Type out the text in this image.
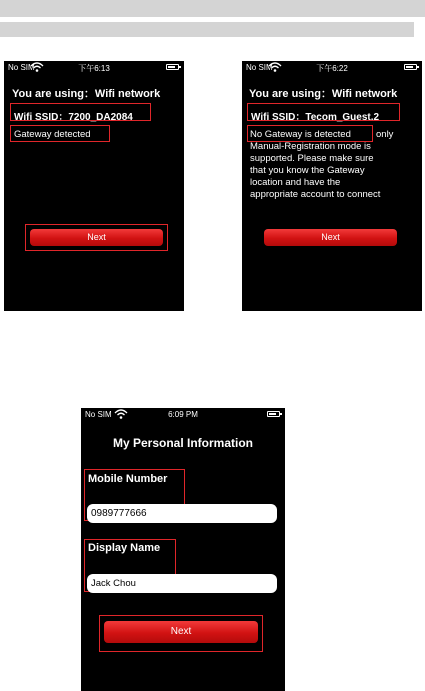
No SIM	下午6:13
You are using：Wifi network
Wifi SSID：7200_DA2084
Gateway detected
Next
No SIM	下午6:22
You are using：Wifi network
Wifi SSID：Tecom_Guest.2
No Gateway is detected	only
Manual-Registration mode is
supported. Please make sure
that you know the Gateway
location and have the
appropriate account to connect
Next
No SIM	6:09 PM
My Personal Information
Mobile Number
0989777666
Display Name
Jack Chou
Next
